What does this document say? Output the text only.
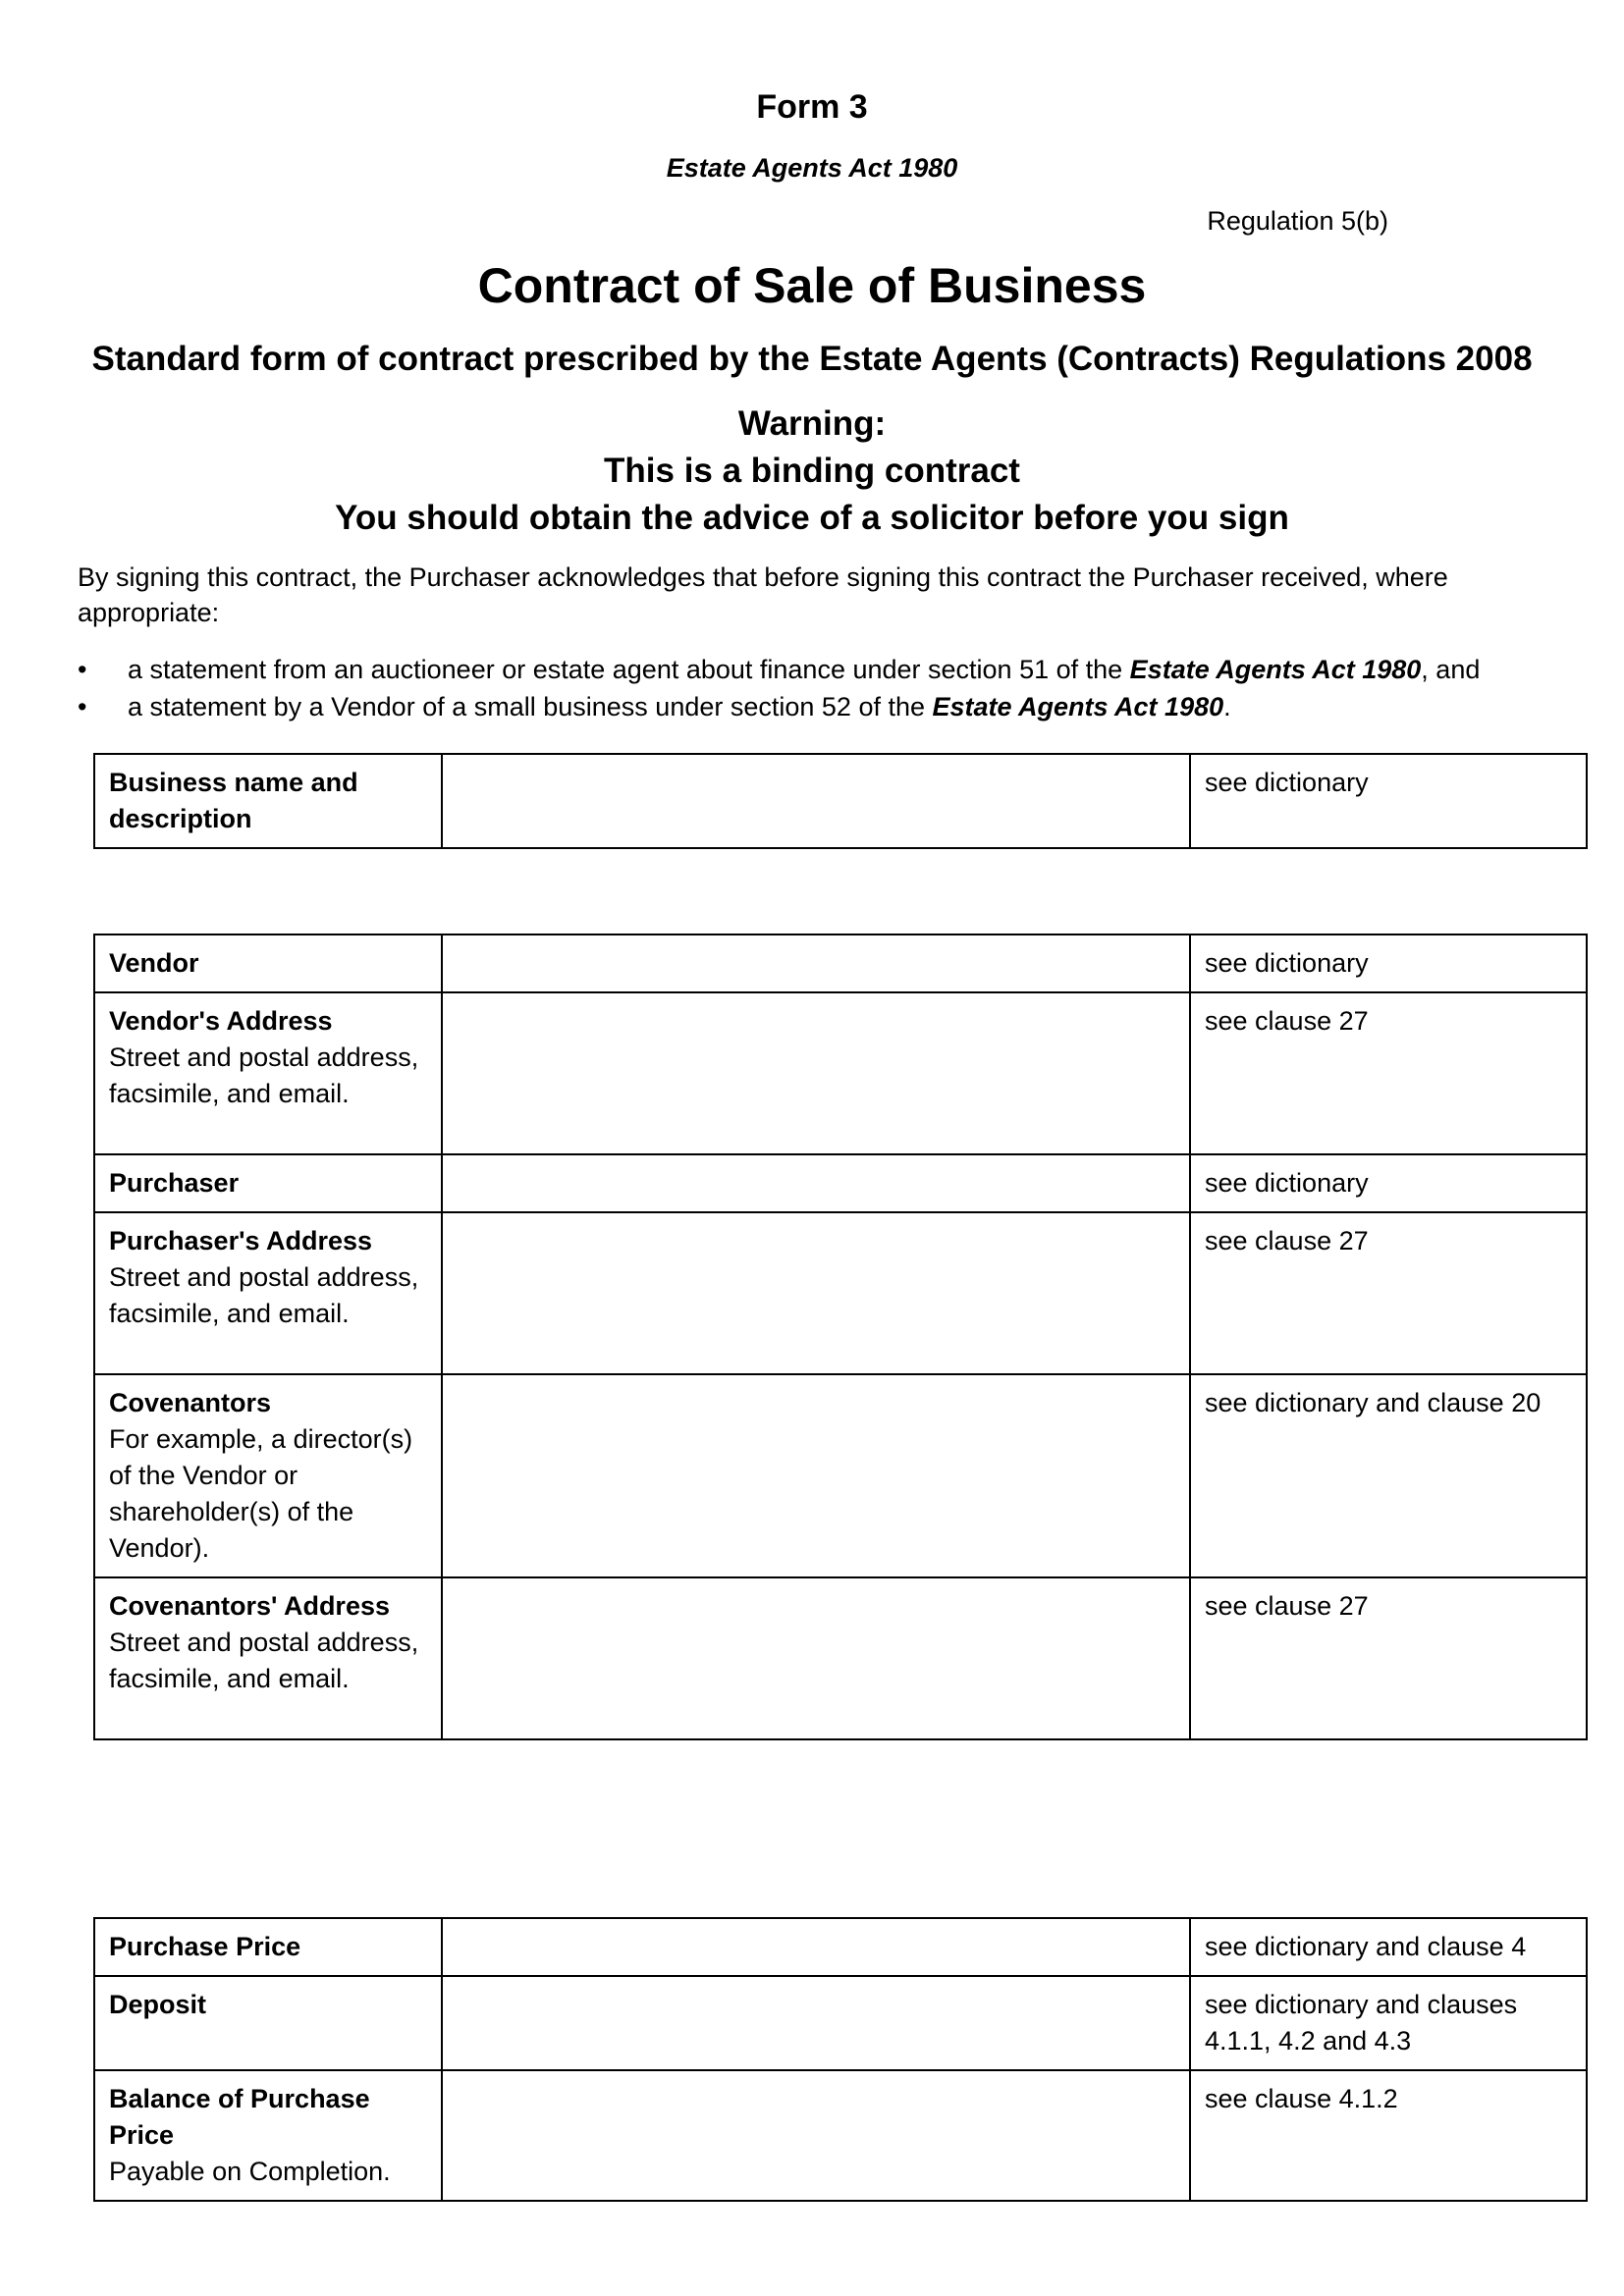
Form 3
Estate Agents Act 1980
Regulation 5(b)
Contract of Sale of Business
Standard form of contract prescribed by the Estate Agents (Contracts) Regulations 2008
Warning:
This is a binding contract
You should obtain the advice of a solicitor before you sign
By signing this contract, the Purchaser acknowledges that before signing this contract the Purchaser received, where appropriate:
• a statement from an auctioneer or estate agent about finance under section 51 of the Estate Agents Act 1980, and
• a statement by a Vendor of a small business under section 52 of the Estate Agents Act 1980.
Business name and description
		see dictionary
Vendor		see dictionary

Vendor's Address
Street and postal address, facsimile, and email.		see clause 27

Purchaser		see dictionary

Purchaser's Address
Street and postal address, facsimile, and email.		see clause 27

Covenantors
For example, a director(s) of the Vendor or shareholder(s) of the Vendor).		see dictionary and clause 20

Covenantors' Address
Street and postal address, facsimile, and email.		see clause 27
Purchase Price		see dictionary and clause 4

Deposit		see dictionary and clauses 4.1.1, 4.2 and 4.3

Balance of Purchase Price
Payable on Completion.		see clause 4.1.2
